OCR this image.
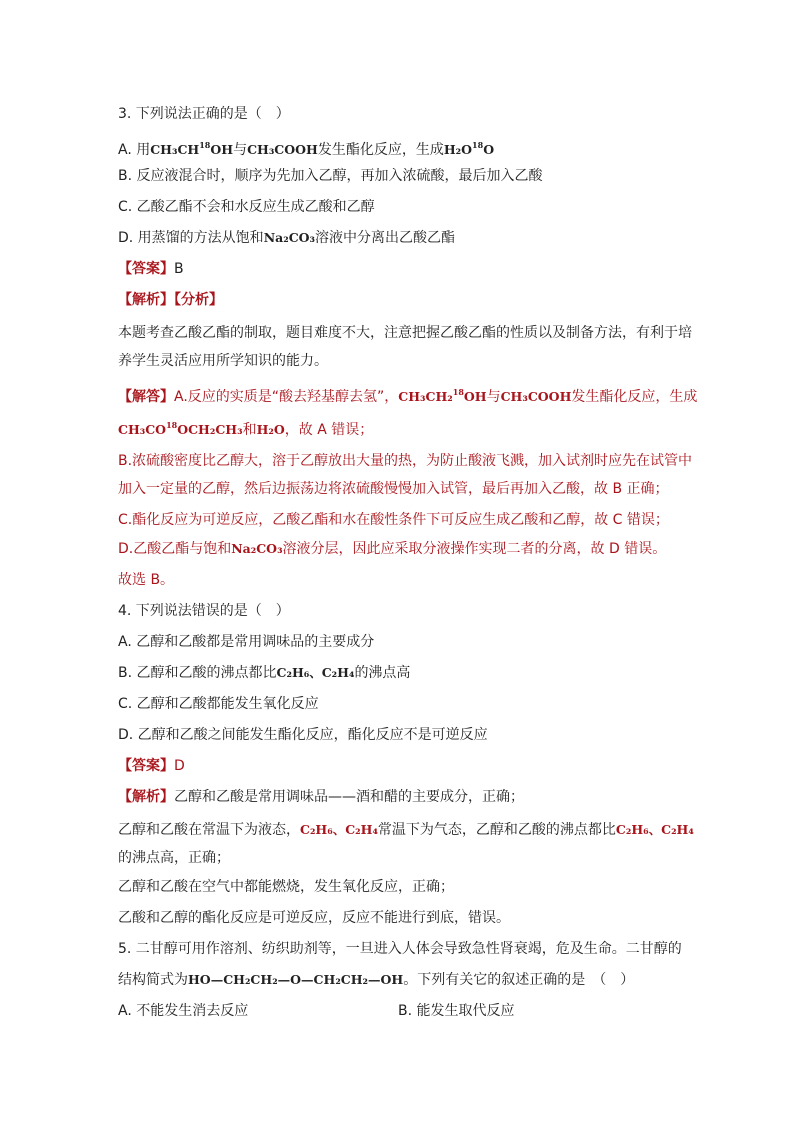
3. 下列说法正确的是（　）
A. 用CH₃CH$^{18}$OH与CH₃COOH发生酯化反应，生成$H_2O^{18}O$
B. 反应液混合时，顺序为先加入乙醇，再加入浓硫酸，最后加入乙酸
C. 乙酸乙酯不会和水反应生成乙酸和乙醇
D. 用蒸馏的方法从饱和Na₂CO₃溶液中分离出乙酸乙酯
【答案】B
【解析】【分析】
本题考查乙酸乙酯的制取，题目难度不大，注意把握乙酸乙酯的性质以及制备方法，有利于培养学生灵活应用所学知识的能力。
【解答】A.反应的实质是“酸去羟基醇去氢”，CH₃CH₂$^{18}$OH与CH₃COOH发生酯化反应，生成CH₃CO$^{18}$OCH₂CH₃和H₂O，故 A 错误；
B.浓硫酸密度比乙醇大，溶于乙醇放出大量的热，为防止酸液飞溅，加入试剂时应先在试管中加入一定量的乙醇，然后边振荡边将浓硫酸慢慢加入试管，最后再加入乙酸，故 B 正确；
C.酯化反应为可逆反应，乙酸乙酯和水在酸性条件下可反应生成乙酸和乙醇，故 C 错误；
D.乙酸乙酯与饱和Na₂CO₃溶液分层，因此应采取分液操作实现二者的分离，故 D 错误。
故选 B。
4. 下列说法错误的是（　）
A. 乙醇和乙酸都是常用调味品的主要成分
B. 乙醇和乙酸的沸点都比C₂H₆、C₂H₄的沸点高
C. 乙醇和乙酸都能发生氧化反应
D. 乙醇和乙酸之间能发生酯化反应，酯化反应不是可逆反应
【答案】D
【解析】乙醇和乙酸是常用调味品——酒和醋的主要成分，正确；
乙醇和乙酸在常温下为液态，C₂H₆、C₂H₄常温下为气态，乙醇和乙酸的沸点都比C₂H₆、C₂H₄的沸点高，正确；
乙醇和乙酸在空气中都能燃烧，发生氧化反应，正确；
乙酸和乙醇的酯化反应是可逆反应，反应不能进行到底，错误。
5. 二甘醇可用作溶剂、纺织助剂等，一旦进入人体会导致急性肾衰竭，危及生命。二甘醇的
结构简式为HO—CH₂CH₂—O—CH₂CH₂—OH。下列有关它的叙述正确的是　（　）
A. 不能发生消去反应	B. 能发生取代反应
